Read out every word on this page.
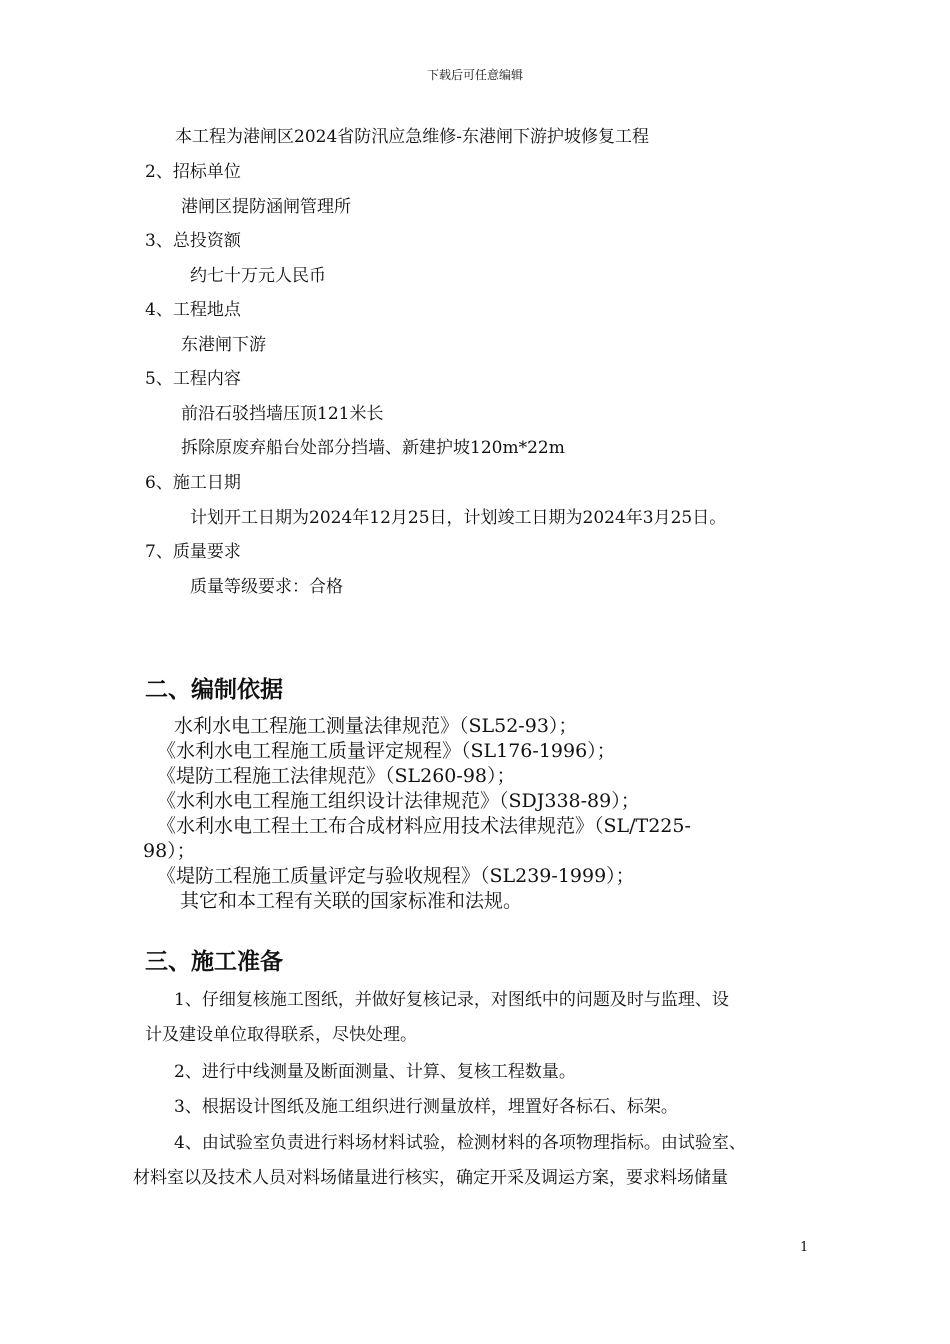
下载后可任意编辑
本工程为港闸区2024省防汛应急维修-东港闸下游护坡修复工程
2、招标单位
港闸区提防涵闸管理所
3、总投资额
约七十万元人民币
4、工程地点
东港闸下游
5、工程内容
前沿石驳挡墙压顶121米长
拆除原废弃船台处部分挡墙、新建护坡120m*22m
6、施工日期
计划开工日期为2024年12月25日，计划竣工日期为2024年3月25日。
7、质量要求
质量等级要求：合格
二、编制依据
水利水电工程施工测量法律规范》（SL52-93）；
《水利水电工程施工质量评定规程》（SL176-1996）；
《堤防工程施工法律规范》（SL260-98）；
《水利水电工程施工组织设计法律规范》（SDJ338-89）；
《水利水电工程土工布合成材料应用技术法律规范》（SL/T225-
98）；
《堤防工程施工质量评定与验收规程》（SL239-1999）；
其它和本工程有关联的国家标准和法规。
三、施工准备
1、仔细复核施工图纸，并做好复核记录，对图纸中的问题及时与监理、设
计及建设单位取得联系，尽快处理。
2、进行中线测量及断面测量、计算、复核工程数量。
3、根据设计图纸及施工组织进行测量放样，埋置好各标石、标架。
4、由试验室负责进行料场材料试验，检测材料的各项物理指标。由试验室、
材料室以及技术人员对料场储量进行核实，确定开采及调运方案，要求料场储量
1
